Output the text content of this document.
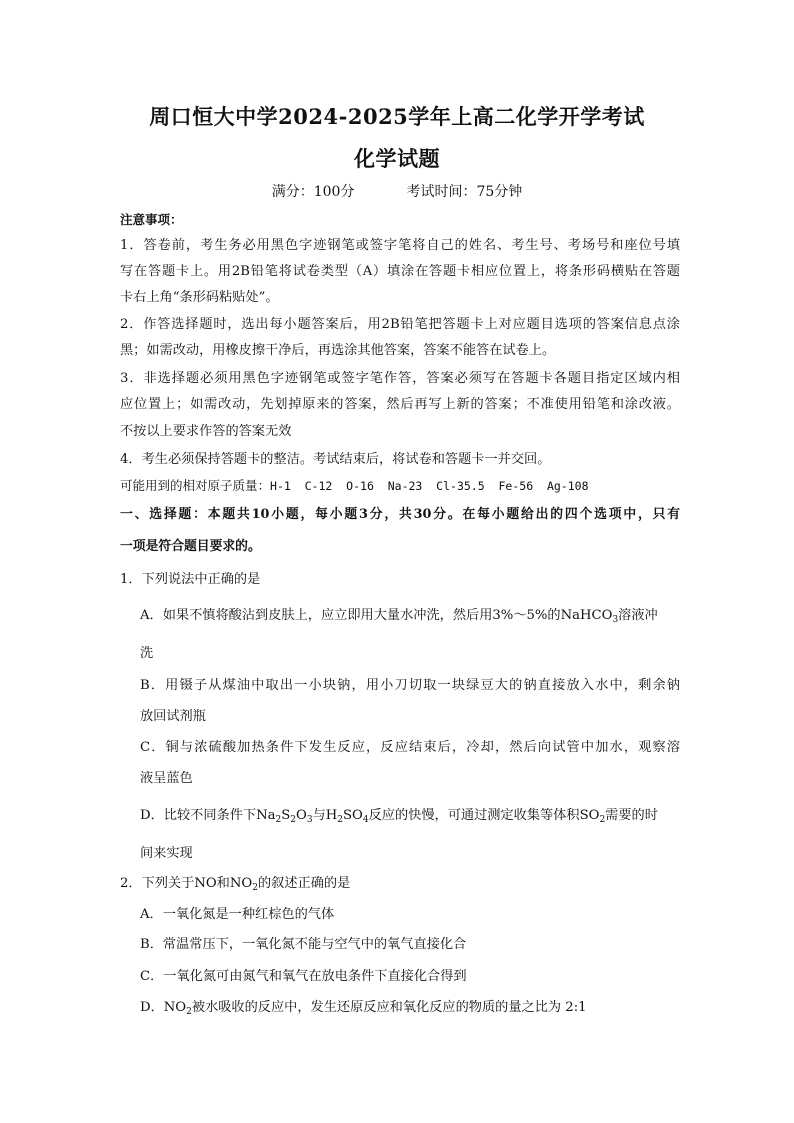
周口恒大中学2024-2025学年上高二化学开学考试
化学试题
满分：100分	考试时间：75分钟
注意事项：
1．答卷前，考生务必用黑色字迹钢笔或签字笔将自己的姓名、考生号、考场号和座位号填
写在答题卡上。用2B铅笔将试卷类型（A）填涂在答题卡相应位置上，将条形码横贴在答题
卡右上角“条形码粘贴处”。
2．作答选择题时，选出每小题答案后，用2B铅笔把答题卡上对应题目选项的答案信息点涂
黑；如需改动，用橡皮擦干净后，再选涂其他答案，答案不能答在试卷上。
3．非选择题必须用黑色字迹钢笔或签字笔作答，答案必须写在答题卡各题目指定区域内相
应位置上；如需改动，先划掉原来的答案，然后再写上新的答案；不准使用铅笔和涂改液。
不按以上要求作答的答案无效
4．考生必须保持答题卡的整洁。考试结束后，将试卷和答题卡一并交回。
可能用到的相对原子质量：H-1  C-12  O-16  Na-23  Cl-35.5  Fe-56  Ag-108
一、选择题：本题共10小题，每小题3分，共30分。在每小题给出的四个选项中，只有
一项是符合题目要求的。
1．下列说法中正确的是
A．如果不慎将酸沾到皮肤上，应立即用大量水冲洗，然后用3%～5%的NaHCO$_3$溶液冲
洗
B．用镊子从煤油中取出一小块钠，用小刀切取一块绿豆大的钠直接放入水中，剩余钠
放回试剂瓶
C．铜与浓硫酸加热条件下发生反应，反应结束后，冷却，然后向试管中加水，观察溶
液呈蓝色
D．比较不同条件下$Na_2S_2O_3$与$H_2SO_4$反应的快慢，可通过测定收集等体积$SO_2$需要的时
间来实现
2．下列关于NO和$NO_2$的叙述正确的是
A．一氧化氮是一种红棕色的气体
B．常温常压下，一氧化氮不能与空气中的氧气直接化合
C．一氧化氮可由氮气和氧气在放电条件下直接化合得到
D．$NO_2$被水吸收的反应中，发生还原反应和氧化反应的物质的量之比为 2:1
